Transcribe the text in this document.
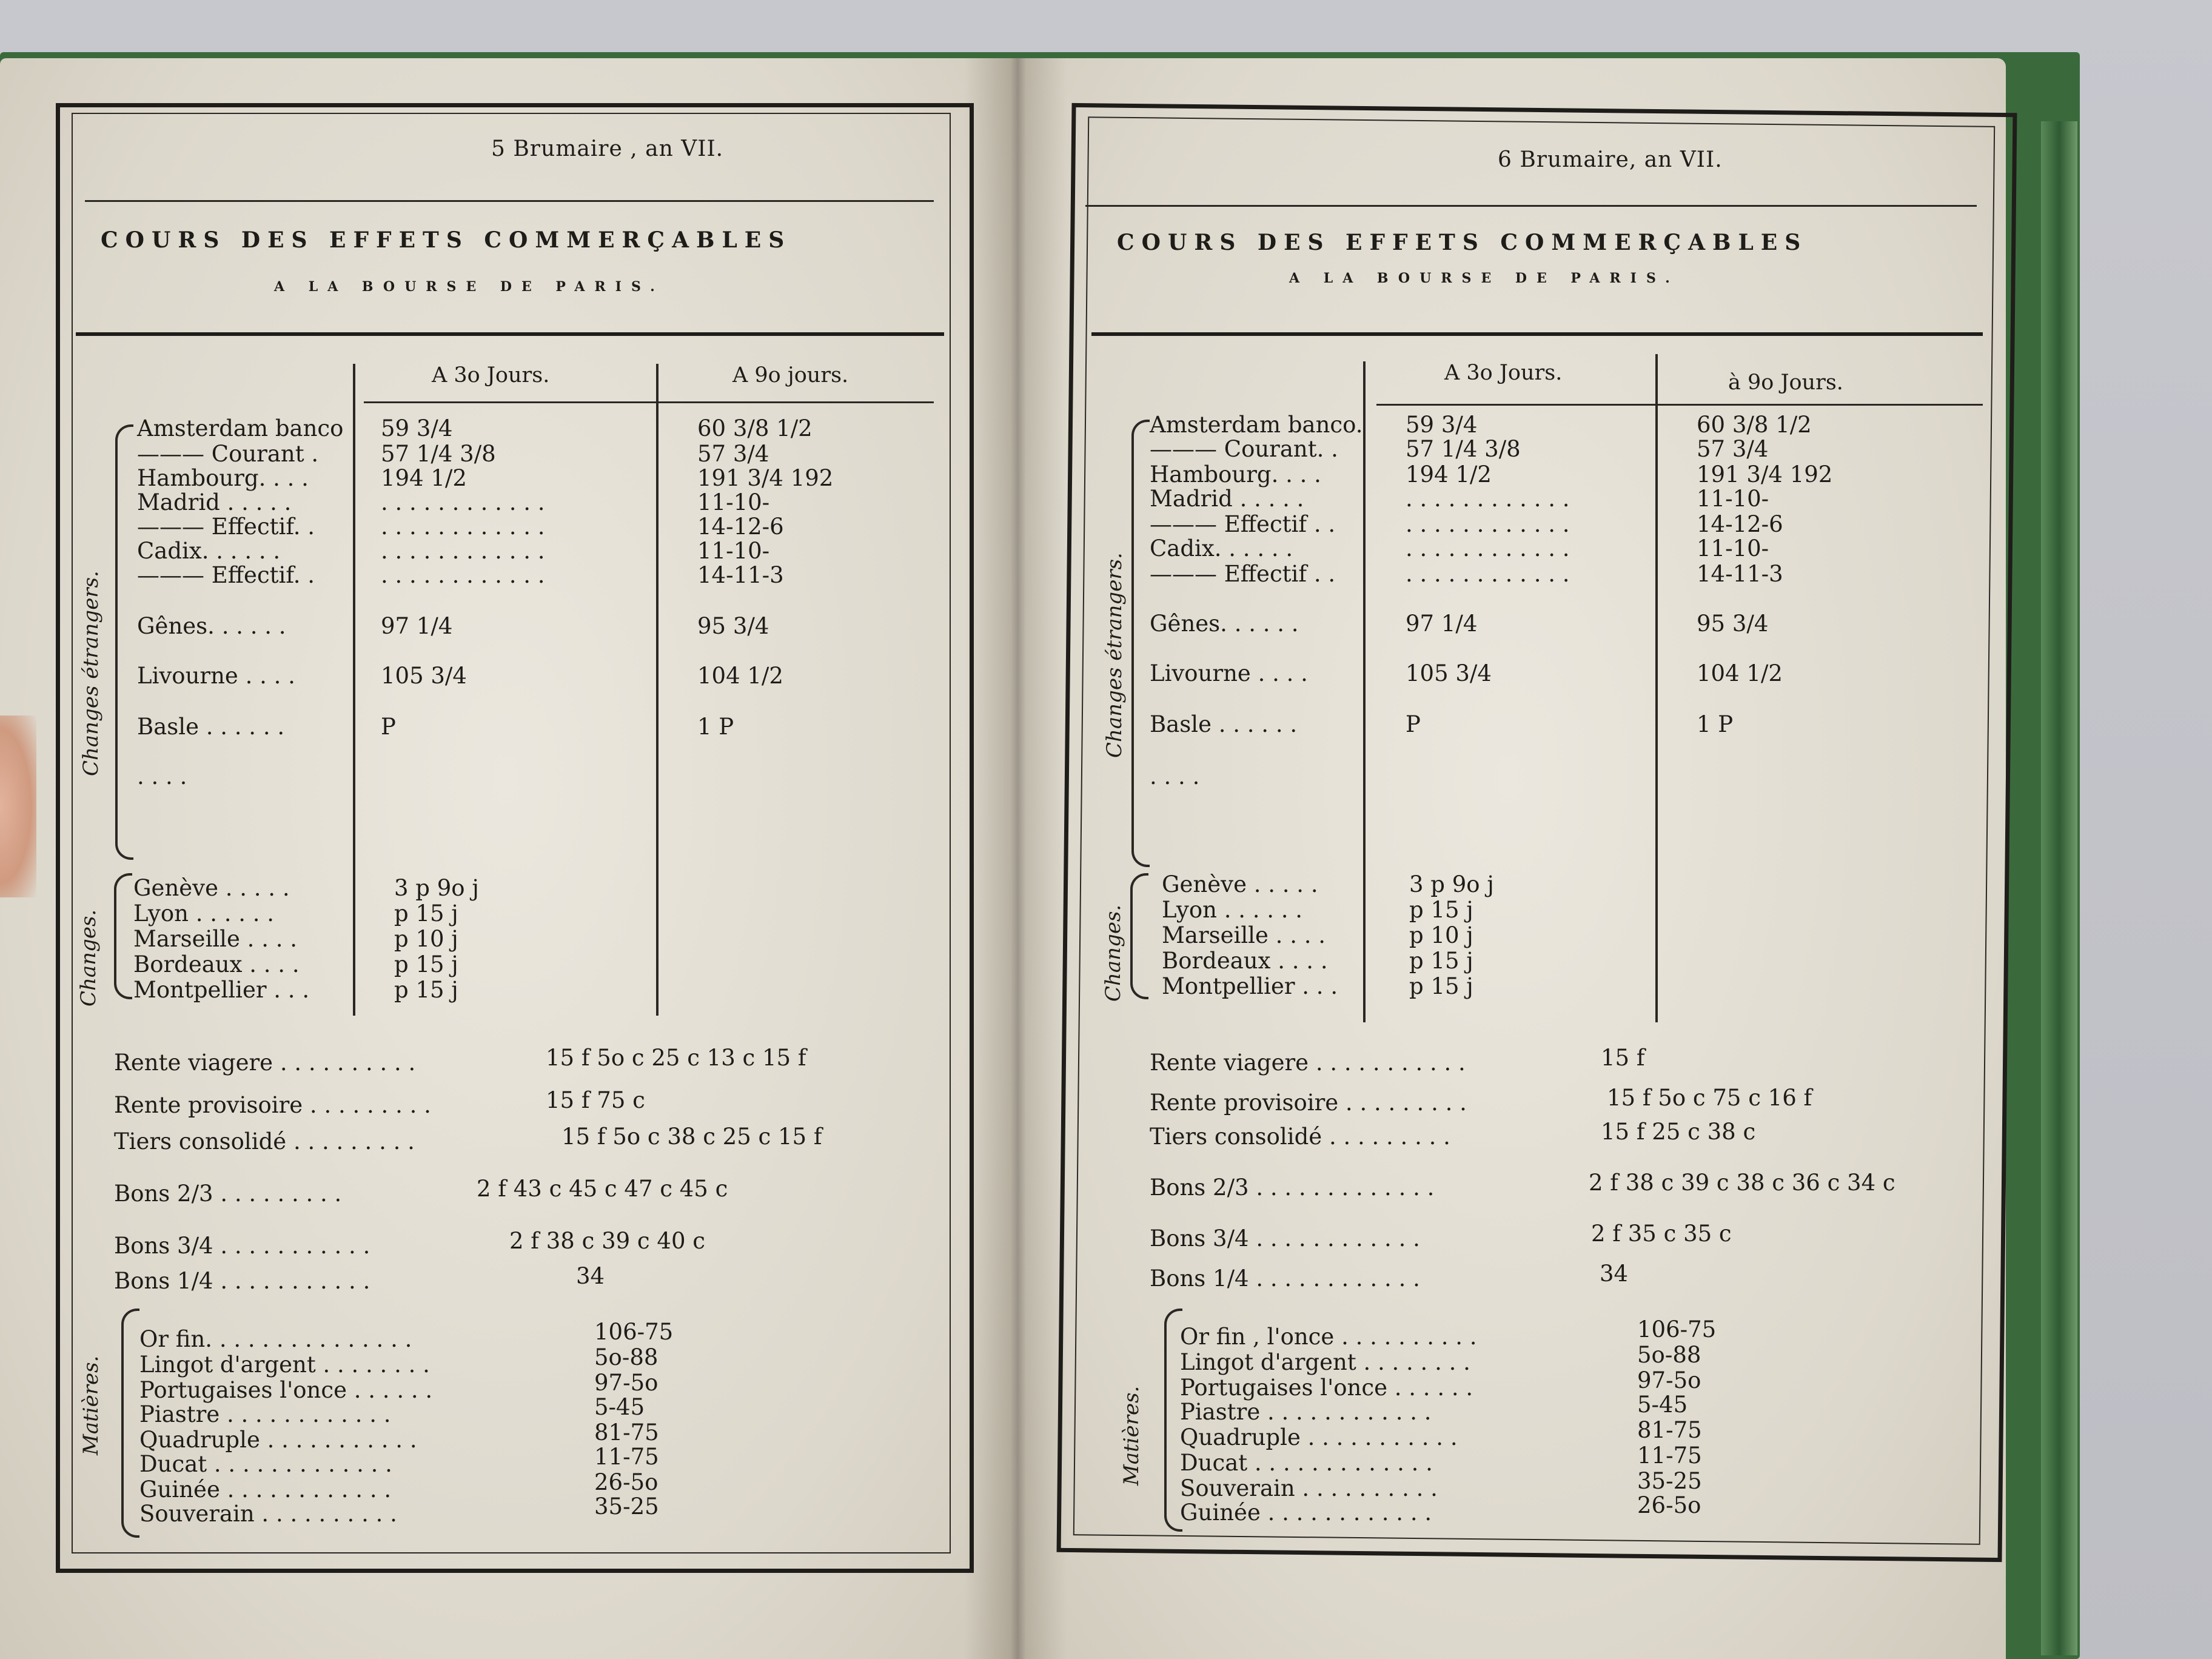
5 Brumaire , an VII.
COURS DES EFFETS COMMERÇABLES
A LA BOURSE DE PARIS.
A 3o Jours.	A 9o jours.
Changes étrangers.
Amsterdam banco 59 3/4	60 3/8 1/2
——— Courant .	57 1/4 3/8	57 3/4
Hambourg. . . .	194 1/2	191 3/4 192
Madrid . . . . .	. . . . . . . . . . . .	11-10-
——— Effectif. .	. . . . . . . . . . . .	14-12-6
Cadix. . . . . .	. . . . . . . . . . . .	11-10-
——— Effectif. .	. . . . . . . . . . . .	14-11-3
Gênes. . . . . .	97 1/4	95 3/4
Livourne . . . .	105 3/4	104 1/2
Basle . . . . . .	P	1 P
. . . .
Changes.
Genève . . . . .	3 p 9o j
Lyon . . . . . .	p 15 j
Marseille . . . .	p 10 j
Bordeaux . . . .	p 15 j
Montpellier . . .	p 15 j
Rente viagere . . . . . . . . . .	15 f 5o c 25 c 13 c 15 f
Rente provisoire . . . . . . . . .	15 f 75 c
Tiers consolidé . . . . . . . . .	15 f 5o c 38 c 25 c 15 f
Bons 2/3 . . . . . . . . .	2 f 43 c 45 c 47 c 45 c
Bons 3/4 . . . . . . . . . . .	2 f 38 c 39 c 40 c
Bons 1/4 . . . . . . . . . . .	34
Matières.
Or fin. . . . . . . . . . . . . . .	106-75
Lingot d'argent . . . . . . . .	5o-88
Portugaises l'once . . . . . .	97-5o
Piastre . . . . . . . . . . . .	5-45
Quadruple . . . . . . . . . . .	81-75
Ducat . . . . . . . . . . . . .	11-75
Guinée . . . . . . . . . . . .	26-5o
Souverain . . . . . . . . . .	35-25
6 Brumaire, an VII.
COURS DES EFFETS COMMERÇABLES
A LA BOURSE DE PARIS.
A 3o Jours.	à 9o Jours.
Changes étrangers.
Amsterdam banco. 59 3/4	60 3/8 1/2
——— Courant. .	57 1/4 3/8	57 3/4
Hambourg. . . .	194 1/2	191 3/4 192
Madrid . . . . .	. . . . . . . . . . . .	11-10-
——— Effectif . .	. . . . . . . . . . . .	14-12-6
Cadix. . . . . .	. . . . . . . . . . . .	11-10-
——— Effectif . .	. . . . . . . . . . . .	14-11-3
Gênes. . . . . .	97 1/4	95 3/4
Livourne . . . .	105 3/4	104 1/2
Basle . . . . . .	P	1 P
. . . .
Changes.
Genève . . . . .	3 p 9o j
Lyon . . . . . .	p 15 j
Marseille . . . .	p 10 j
Bordeaux . . . .	p 15 j
Montpellier . . .	p 15 j
Rente viagere . . . . . . . . . . .	15 f
Rente provisoire . . . . . . . . .	15 f 5o c 75 c 16 f
Tiers consolidé . . . . . . . . .	15 f 25 c 38 c
Bons 2/3 . . . . . . . . . . . . .	2 f 38 c 39 c 38 c 36 c 34 c
Bons 3/4 . . . . . . . . . . . .	2 f 35 c 35 c
Bons 1/4 . . . . . . . . . . . .	34
Matières.
Or fin , l'once . . . . . . . . . .	106-75
Lingot d'argent . . . . . . . .	5o-88
Portugaises l'once . . . . . .	97-5o
Piastre . . . . . . . . . . . .	5-45
Quadruple . . . . . . . . . . .	81-75
Ducat . . . . . . . . . . . . .	11-75
Souverain . . . . . . . . . .	35-25
Guinée . . . . . . . . . . . .	26-5o
